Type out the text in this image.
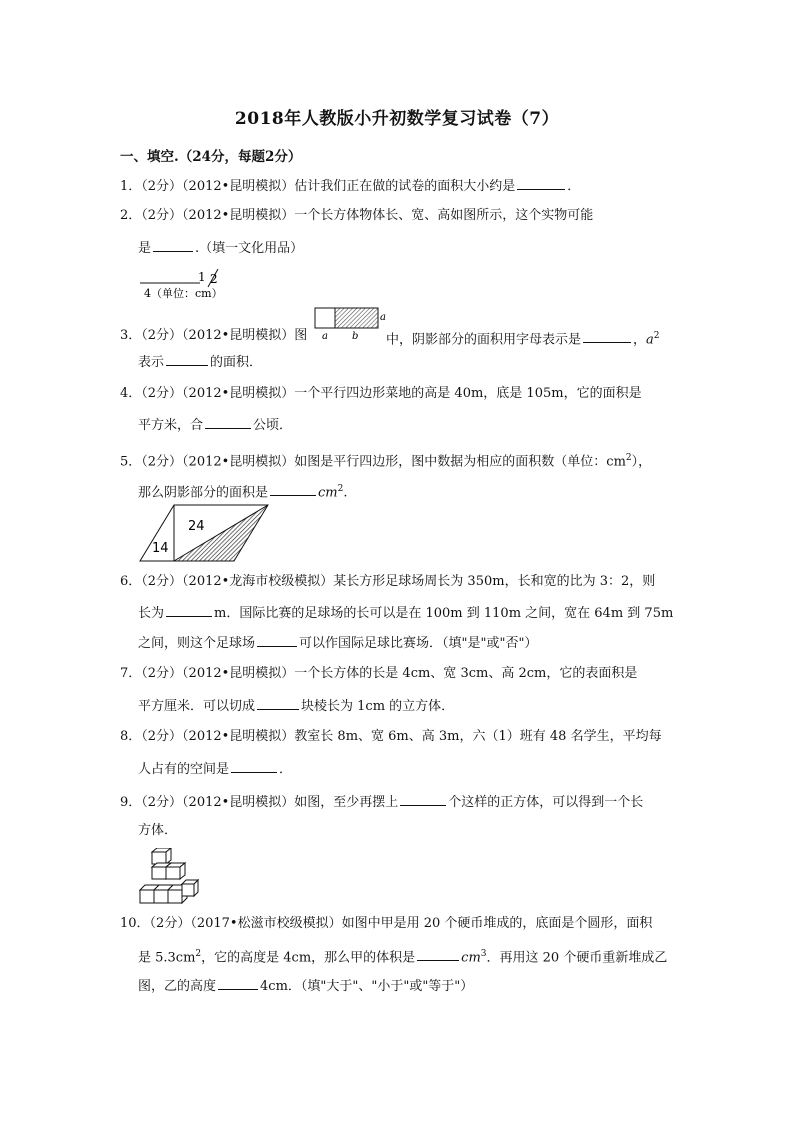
2018年人教版小升初数学复习试卷（7）
一、填空.（24分，每题2分）
1．（2分）（2012•昆明模拟）估计我们正在做的试卷的面积大小约是	．
2．（2分）（2012•昆明模拟）一个长方体物体长、宽、高如图所示，这个实物可能
是	.（填一文化用品）
1 2
4（单位：cm）
3．（2分）（2012•昆明模拟）图 a b
a
中，阴影部分的面积用字母表示是	，$a^2$
表示	的面积．
4．（2分）（2012•昆明模拟）一个平行四边形菜地的高是 40m，底是 105m，它的面积是
平方米，合	公顷．
5．（2分）（2012•昆明模拟）如图是平行四边形，图中数据为相应的面积数（单位：$cm^2$），
那么阴影部分的面积是	$cm^2$.
14
24
6．（2分）（2012•龙海市校级模拟）某长方形足球场周长为 350m，长和宽的比为 3：2，则
长为	m．国际比赛的足球场的长可以是在 100m 到 110m 之间，宽在 64m 到 75m
之间，则这个足球场	可以作国际足球比赛场．（填"是"或"否"）
7．（2分）（2012•昆明模拟）一个长方体的长是 4cm、宽 3cm、高 2cm，它的表面积是
平方厘米．可以切成	块棱长为 1cm 的立方体．
8．（2分）（2012•昆明模拟）教室长 8m、宽 6m、高 3m，六（1）班有 48 名学生，平均每
人占有的空间是	．
9．（2分）（2012•昆明模拟）如图，至少再摆上	个这样的正方体，可以得到一个长
方体．
10．（2分）（2017•松滋市校级模拟）如图中甲是用 20 个硬币堆成的，底面是个圆形，面积
是 $5.3cm^2$，它的高度是 4cm，那么甲的体积是	$cm^3$．再用这 20 个硬币重新堆成乙
图，乙的高度	4cm．（填"大于"、"小于"或"等于"）
